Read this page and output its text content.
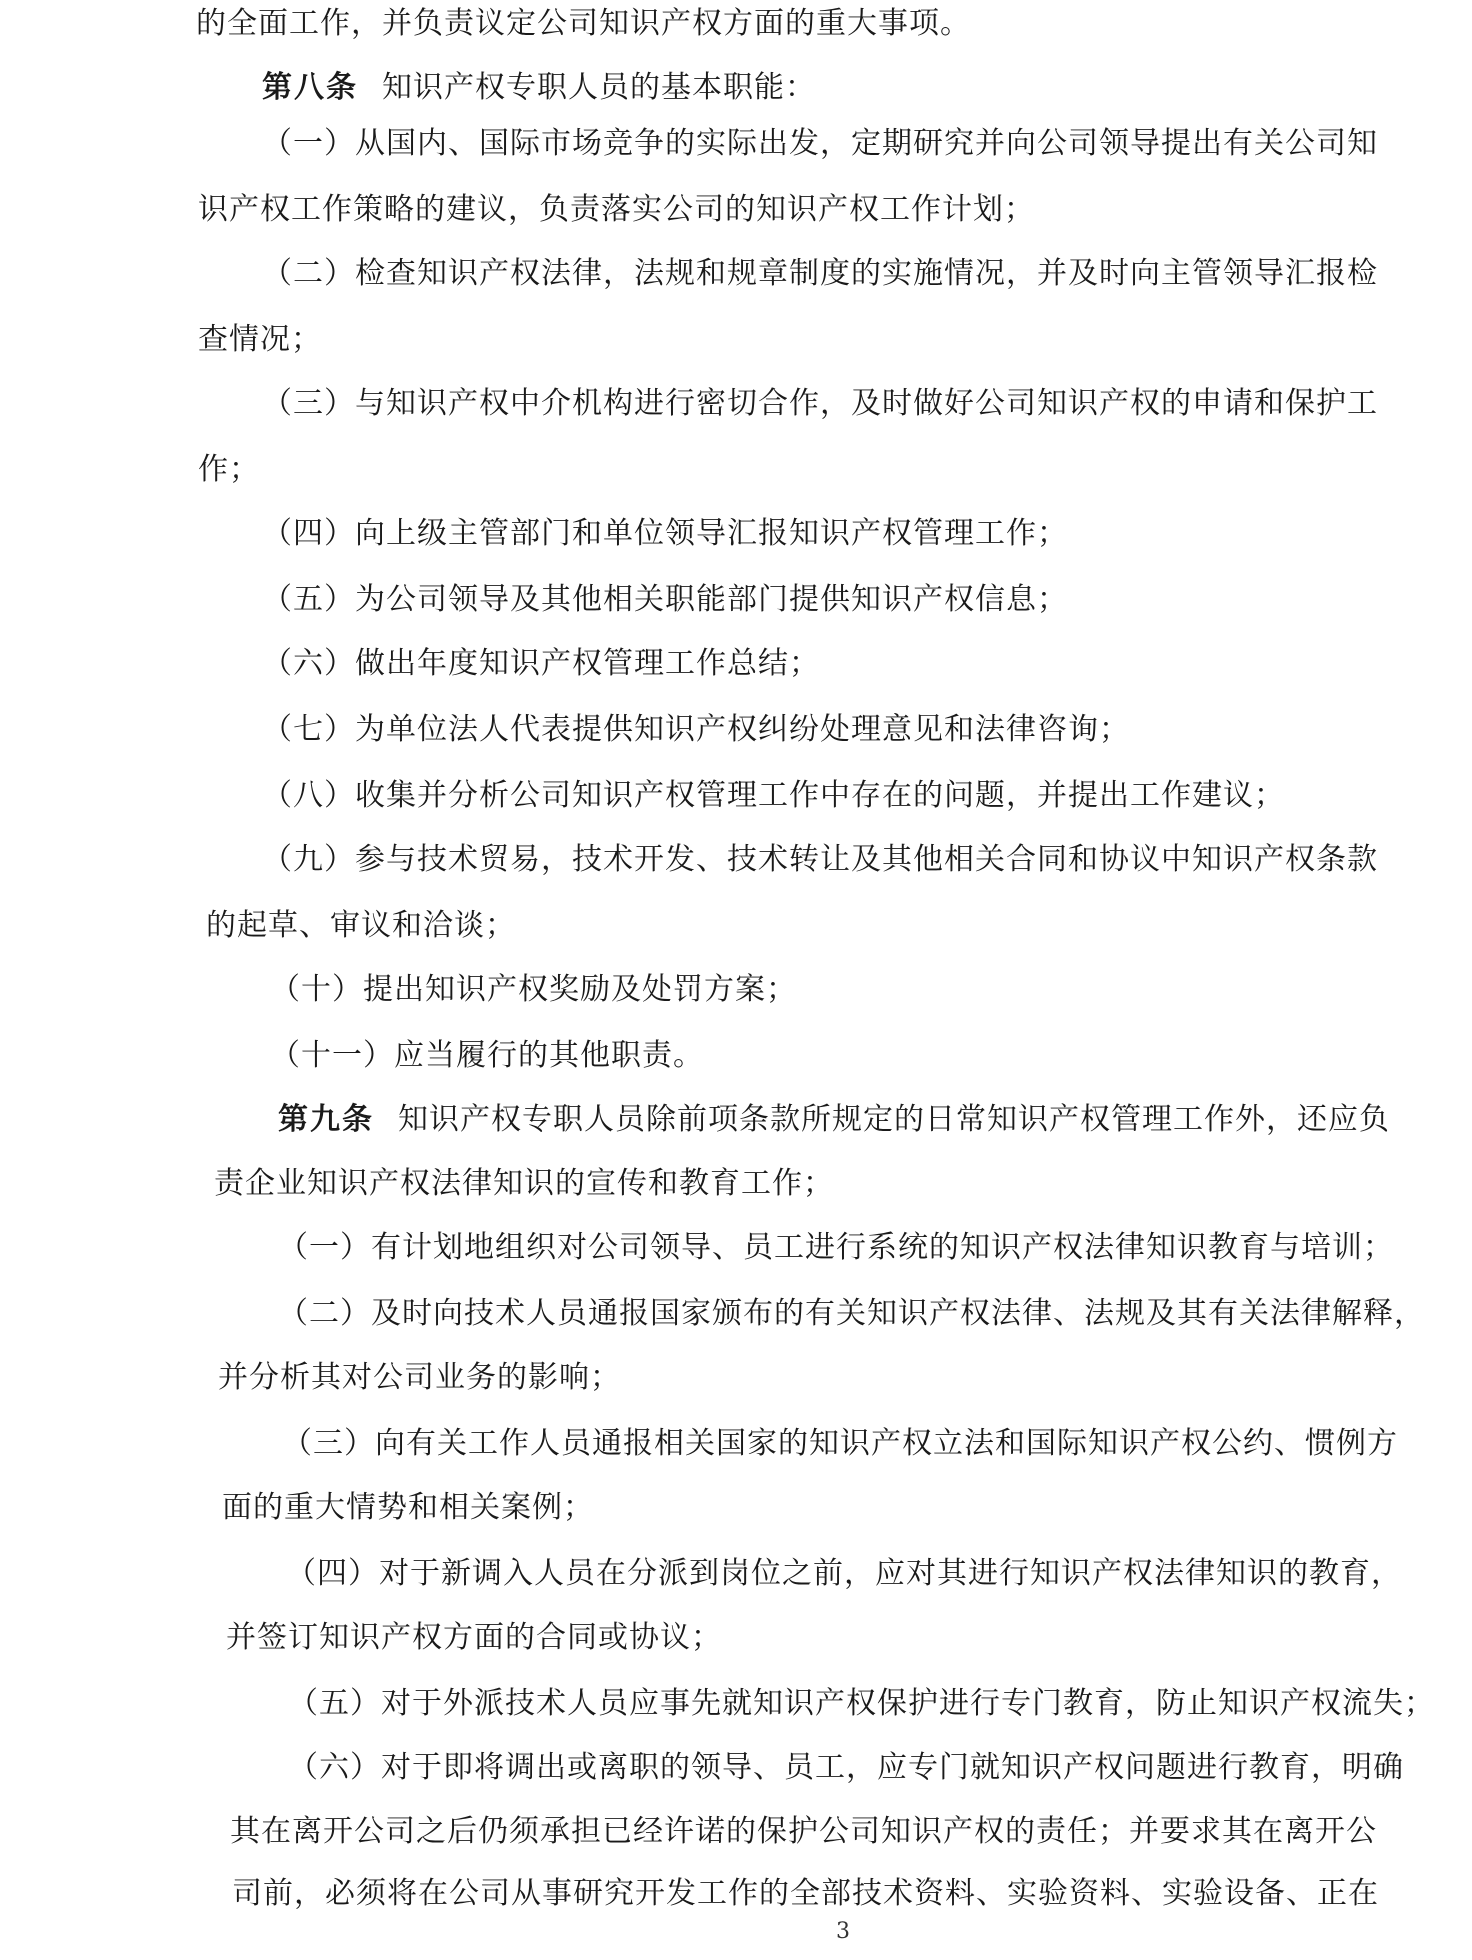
的全面工作，并负责议定公司知识产权方面的重大事项。
第八条 知识产权专职人员的基本职能：
（一）从国内、国际市场竞争的实际出发，定期研究并向公司领导提出有关公司知
识产权工作策略的建议，负责落实公司的知识产权工作计划；
（二）检查知识产权法律，法规和规章制度的实施情况，并及时向主管领导汇报检
查情况；
（三）与知识产权中介机构进行密切合作，及时做好公司知识产权的申请和保护工
作；
（四）向上级主管部门和单位领导汇报知识产权管理工作；
（五）为公司领导及其他相关职能部门提供知识产权信息；
（六）做出年度知识产权管理工作总结；
（七）为单位法人代表提供知识产权纠纷处理意见和法律咨询；
（八）收集并分析公司知识产权管理工作中存在的问题，并提出工作建议；
（九）参与技术贸易，技术开发、技术转让及其他相关合同和协议中知识产权条款
的起草、审议和洽谈；
（十）提出知识产权奖励及处罚方案；
（十一）应当履行的其他职责。
第九条 知识产权专职人员除前项条款所规定的日常知识产权管理工作外，还应负
责企业知识产权法律知识的宣传和教育工作；
（一）有计划地组织对公司领导、员工进行系统的知识产权法律知识教育与培训；
（二）及时向技术人员通报国家颁布的有关知识产权法律、法规及其有关法律解释，
并分析其对公司业务的影响；
（三）向有关工作人员通报相关国家的知识产权立法和国际知识产权公约、惯例方
面的重大情势和相关案例；
（四）对于新调入人员在分派到岗位之前，应对其进行知识产权法律知识的教育，
并签订知识产权方面的合同或协议；
（五）对于外派技术人员应事先就知识产权保护进行专门教育，防止知识产权流失；
（六）对于即将调出或离职的领导、员工，应专门就知识产权问题进行教育，明确
其在离开公司之后仍须承担已经许诺的保护公司知识产权的责任；并要求其在离开公
司前，必须将在公司从事研究开发工作的全部技术资料、实验资料、实验设备、正在
3
